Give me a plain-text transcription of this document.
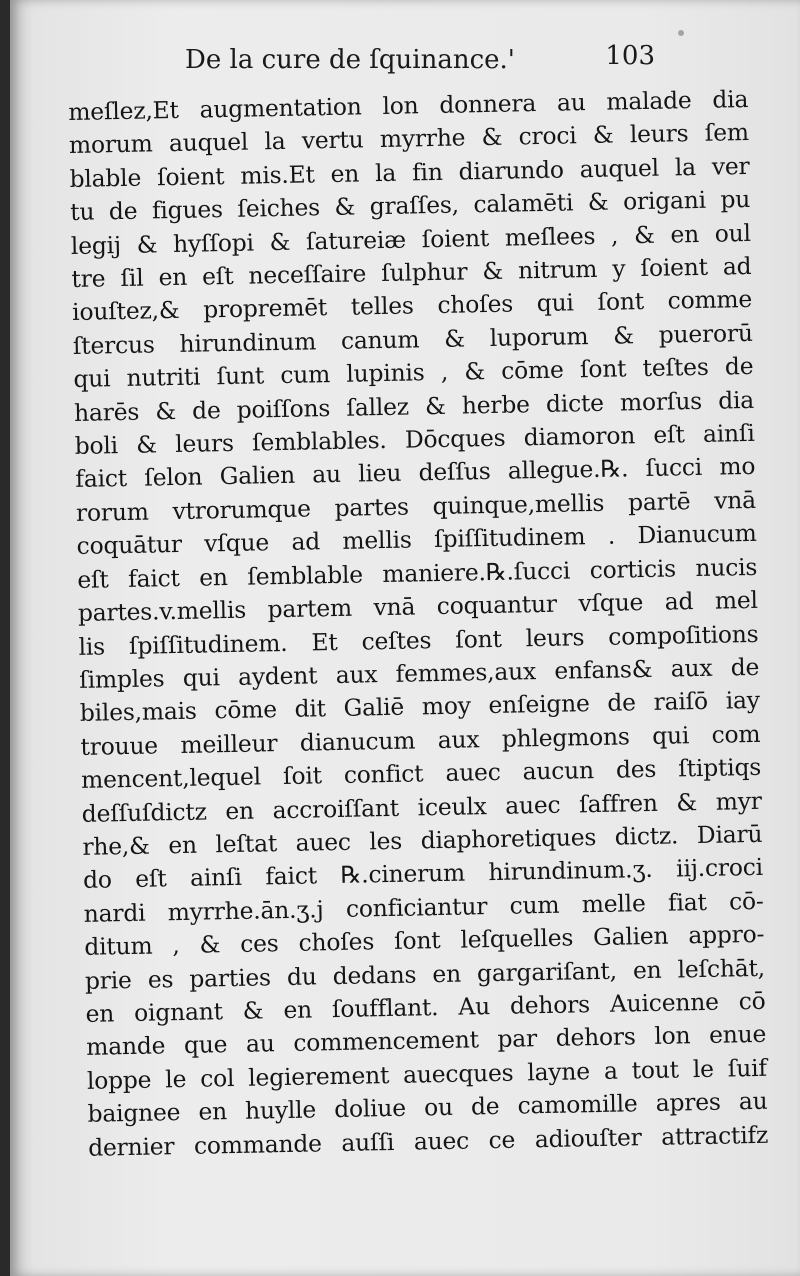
De la cure de ſquinance.'	103
meſlez,Et augmentation lon donnera au malade dia
morum auquel la vertu myrrhe & croci & leurs ſem
blable ſoient mis.Et en la fin diarundo auquel la ver
tu de figues ſeiches & graſſes, calamēti & origani pu
legij & hyſſopi & ſatureiæ ſoient meſlees , & en oul
tre ſil en eſt neceſſaire ſulphur & nitrum y ſoient ad
iouſtez,& propremēt telles choſes qui ſont comme
ſtercus hirundinum canum & luporum & puerorū
qui nutriti ſunt cum lupinis , & cōme ſont teſtes de
harēs & de poiſſons ſallez & herbe dicte morſus dia
boli & leurs ſemblables. Dōcques diamoron eſt ainſi
faict ſelon Galien au lieu deſſus allegue.℞. ſucci mo
rorum vtrorumque partes quinque,mellis partē vnā
coquātur vſque ad mellis ſpiſſitudinem . Dianucum
eſt faict en ſemblable maniere.℞.ſucci corticis nucis
partes.v.mellis partem vnā coquantur vſque ad mel
lis ſpiſſitudinem. Et ceſtes ſont leurs compoſitions
ſimples qui aydent aux femmes,aux enfans& aux de
biles,mais cōme dit Galiē moy enſeigne de raiſō iay
trouue meilleur dianucum aux phlegmons qui com
mencent,lequel ſoit confict auec aucun des ſtiptiqs
deſſuſdictz en accroiſſant iceulx auec ſaffren & myr
rhe,& en leſtat auec les diaphoretiques dictz. Diarū
do eſt ainſi faict ℞.cinerum hirundinum.ʒ. iij.croci
nardi myrrhe.ān.ʒ.j conficiantur cum melle fiat cō-
ditum , & ces choſes ſont leſquelles Galien appro-
prie es parties du dedans en gargariſant, en leſchāt,
en oignant & en ſoufflant. Au dehors Auicenne cō
mande que au commencement par dehors lon enue
loppe le col legierement auecques layne a tout le ſuif
baignee en huylle doliue ou de camomille apres au
dernier commande auſſi auec ce adiouſter attractifz
